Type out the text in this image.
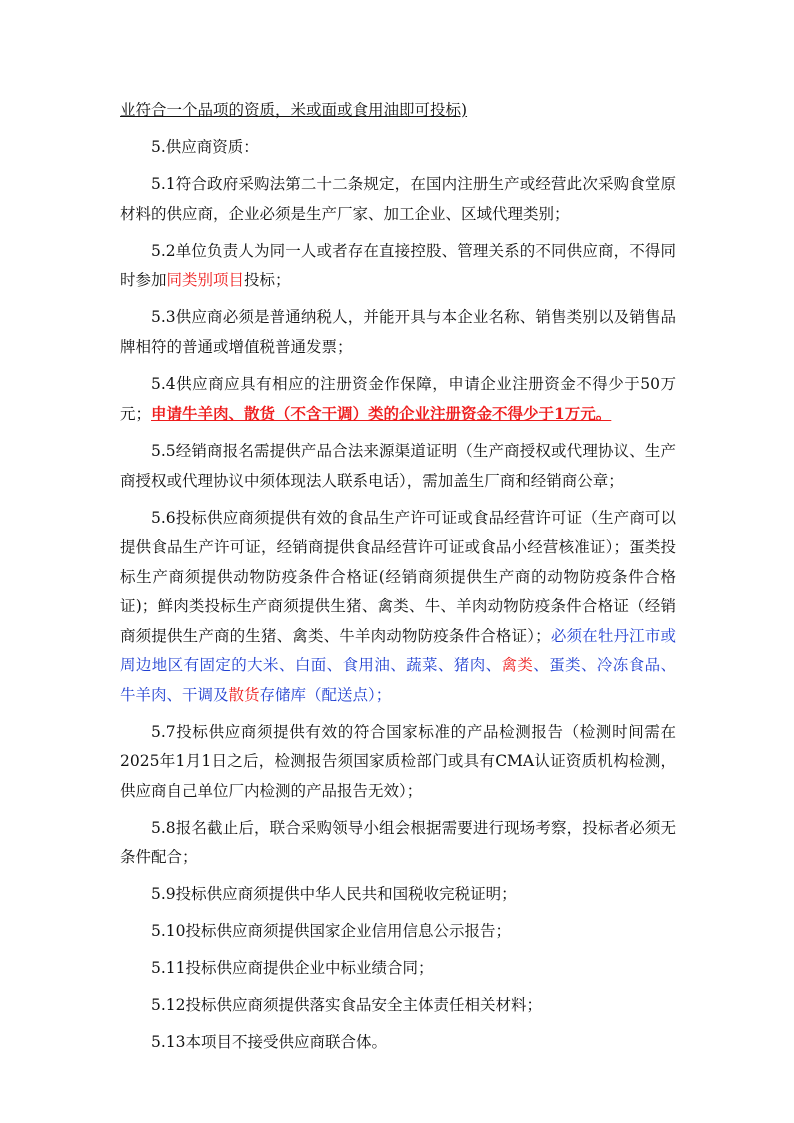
业符合一个品项的资质，米或面或食用油即可投标)

5.供应商资质：

5.1符合政府采购法第二十二条规定，在国内注册生产或经营此次采购食堂原材料的供应商，企业必须是生产厂家、加工企业、区域代理类别；

5.2单位负责人为同一人或者存在直接控股、管理关系的不同供应商，不得同时参加同类别项目投标；

5.3供应商必须是普通纳税人，并能开具与本企业名称、销售类别以及销售品牌相符的普通或增值税普通发票；

5.4供应商应具有相应的注册资金作保障，申请企业注册资金不得少于50万元；申请牛羊肉、散货（不含干调）类的企业注册资金不得少于1万元。

5.5经销商报名需提供产品合法来源渠道证明（生产商授权或代理协议、生产商授权或代理协议中须体现法人联系电话），需加盖生厂商和经销商公章；

5.6投标供应商须提供有效的食品生产许可证或食品经营许可证（生产商可以提供食品生产许可证，经销商提供食品经营许可证或食品小经营核准证）；蛋类投标生产商须提供动物防疫条件合格证(经销商须提供生产商的动物防疫条件合格证)；鲜肉类投标生产商须提供生猪、禽类、牛、羊肉动物防疫条件合格证（经销商须提供生产商的生猪、禽类、牛羊肉动物防疫条件合格证）；必须在牡丹江市或周边地区有固定的大米、白面、食用油、蔬菜、猪肉、禽类、蛋类、冷冻食品、牛羊肉、干调及散货存储库（配送点）；

5.7投标供应商须提供有效的符合国家标准的产品检测报告（检测时间需在2025年1月1日之后，检测报告须国家质检部门或具有CMA认证资质机构检测，供应商自己单位厂内检测的产品报告无效）；

5.8报名截止后，联合采购领导小组会根据需要进行现场考察，投标者必须无条件配合；

5.9投标供应商须提供中华人民共和国税收完税证明；

5.10投标供应商须提供国家企业信用信息公示报告；

5.11投标供应商提供企业中标业绩合同；

5.12投标供应商须提供落实食品安全主体责任相关材料；

5.13本项目不接受供应商联合体。
